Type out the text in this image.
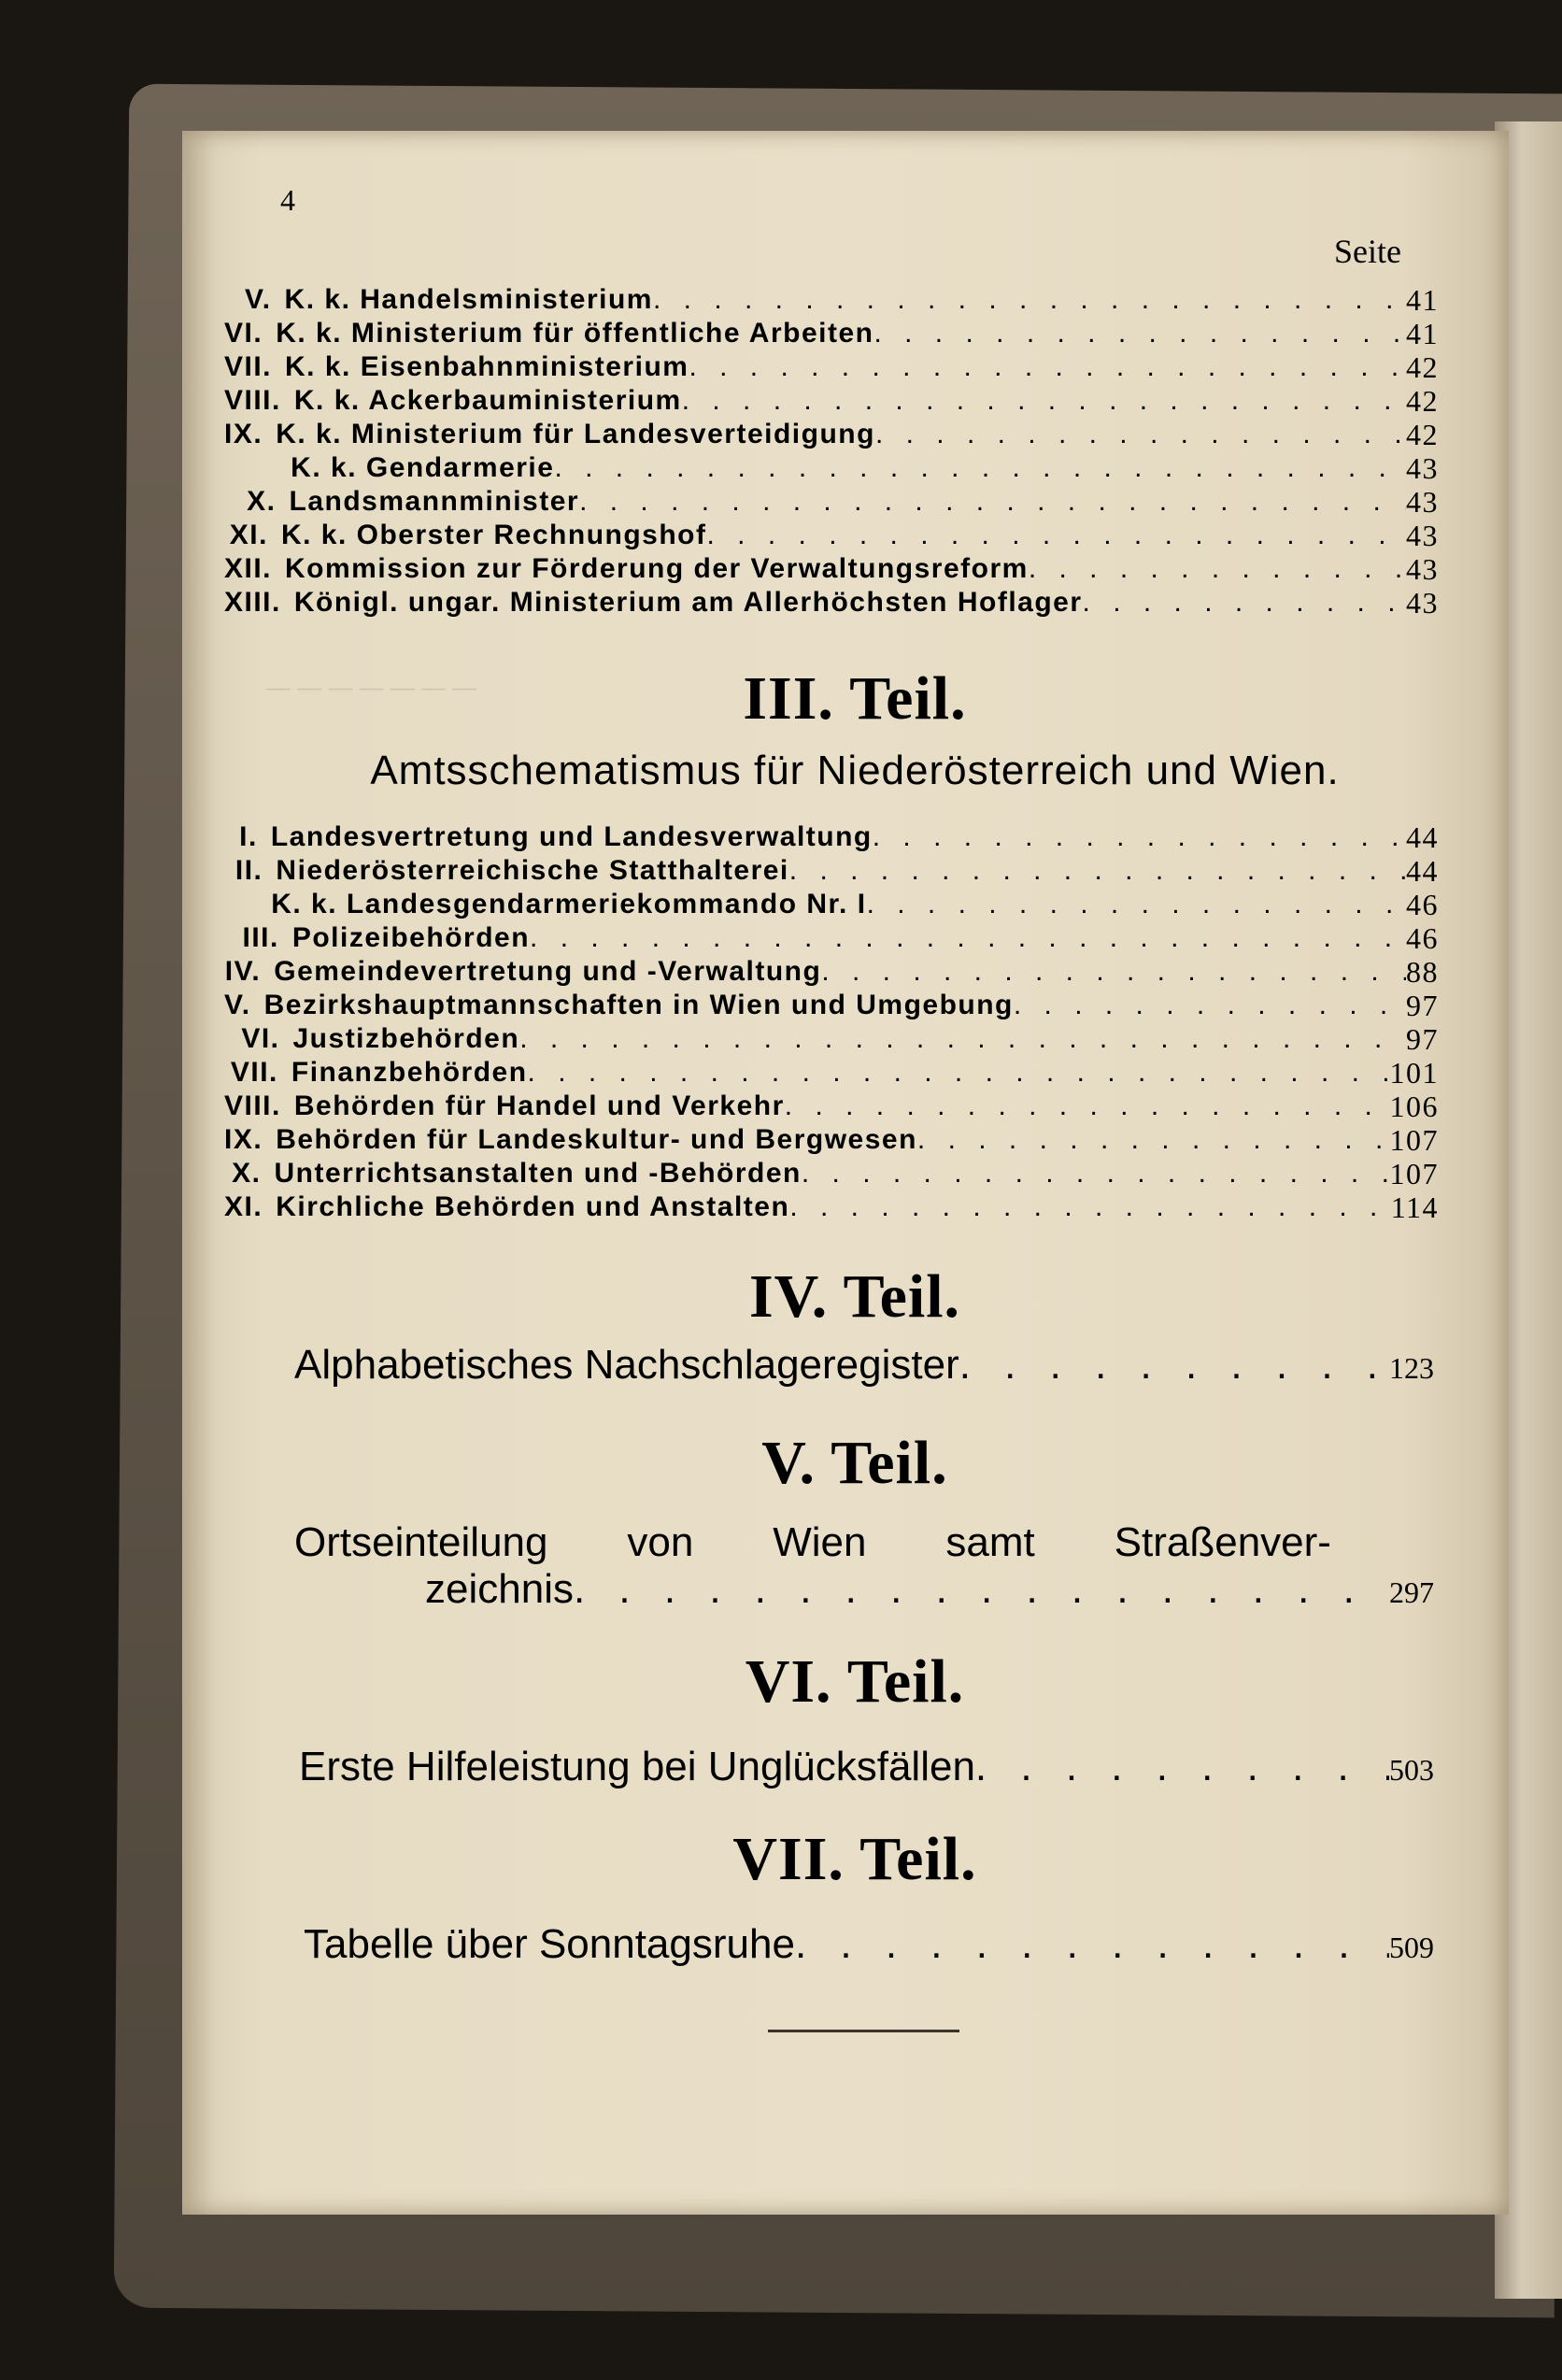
— — — — — — —
4
Seite
V. K. k. Handelsministerium . . .	41
VI. K. k. Ministerium für öffentliche Arbeiten . . .	41
VII. K. k. Eisenbahnministerium . . .	42
VIII. K. k. Ackerbauministerium . . .	42
IX. K. k. Ministerium für Landesverteidigung . . .	42
K. k. Gendarmerie . . .	43
X. Landsmannminister . . .	43
XI. K. k. Oberster Rechnungshof . . .	43
XII. Kommission zur Förderung der Verwaltungsreform . . .	43
XIII. Königl. ungar. Ministerium am Allerhöchsten Hoflager . . .	43
III. Teil.
Amtsschematismus für Niederösterreich und Wien.
I. Landesvertretung und Landesverwaltung . . .	44
II. Niederösterreichische Statthalterei . . .	44
K. k. Landesgendarmeriekommando Nr. I . . .	46
III. Polizeibehörden . . .	46
IV. Gemeindevertretung und -Verwaltung . . .	88
V. Bezirkshauptmannschaften in Wien und Umgebung . . .	97
VI. Justizbehörden . . .	97
VII. Finanzbehörden . . .	101
VIII. Behörden für Handel und Verkehr . . .	106
IX. Behörden für Landeskultur- und Bergwesen . . .	107
X. Unterrichtsanstalten und -Behörden . . .	107
XI. Kirchliche Behörden und Anstalten . . .	114
IV. Teil.
Alphabetisches Nachschlageregister . . .	123
V. Teil.
Ortseinteilung von Wien samt Straßenver-
zeichnis . . .	297
VI. Teil.
Erste Hilfeleistung bei Unglücksfällen . . .	503
VII. Teil.
Tabelle über Sonntagsruhe . . .	509
